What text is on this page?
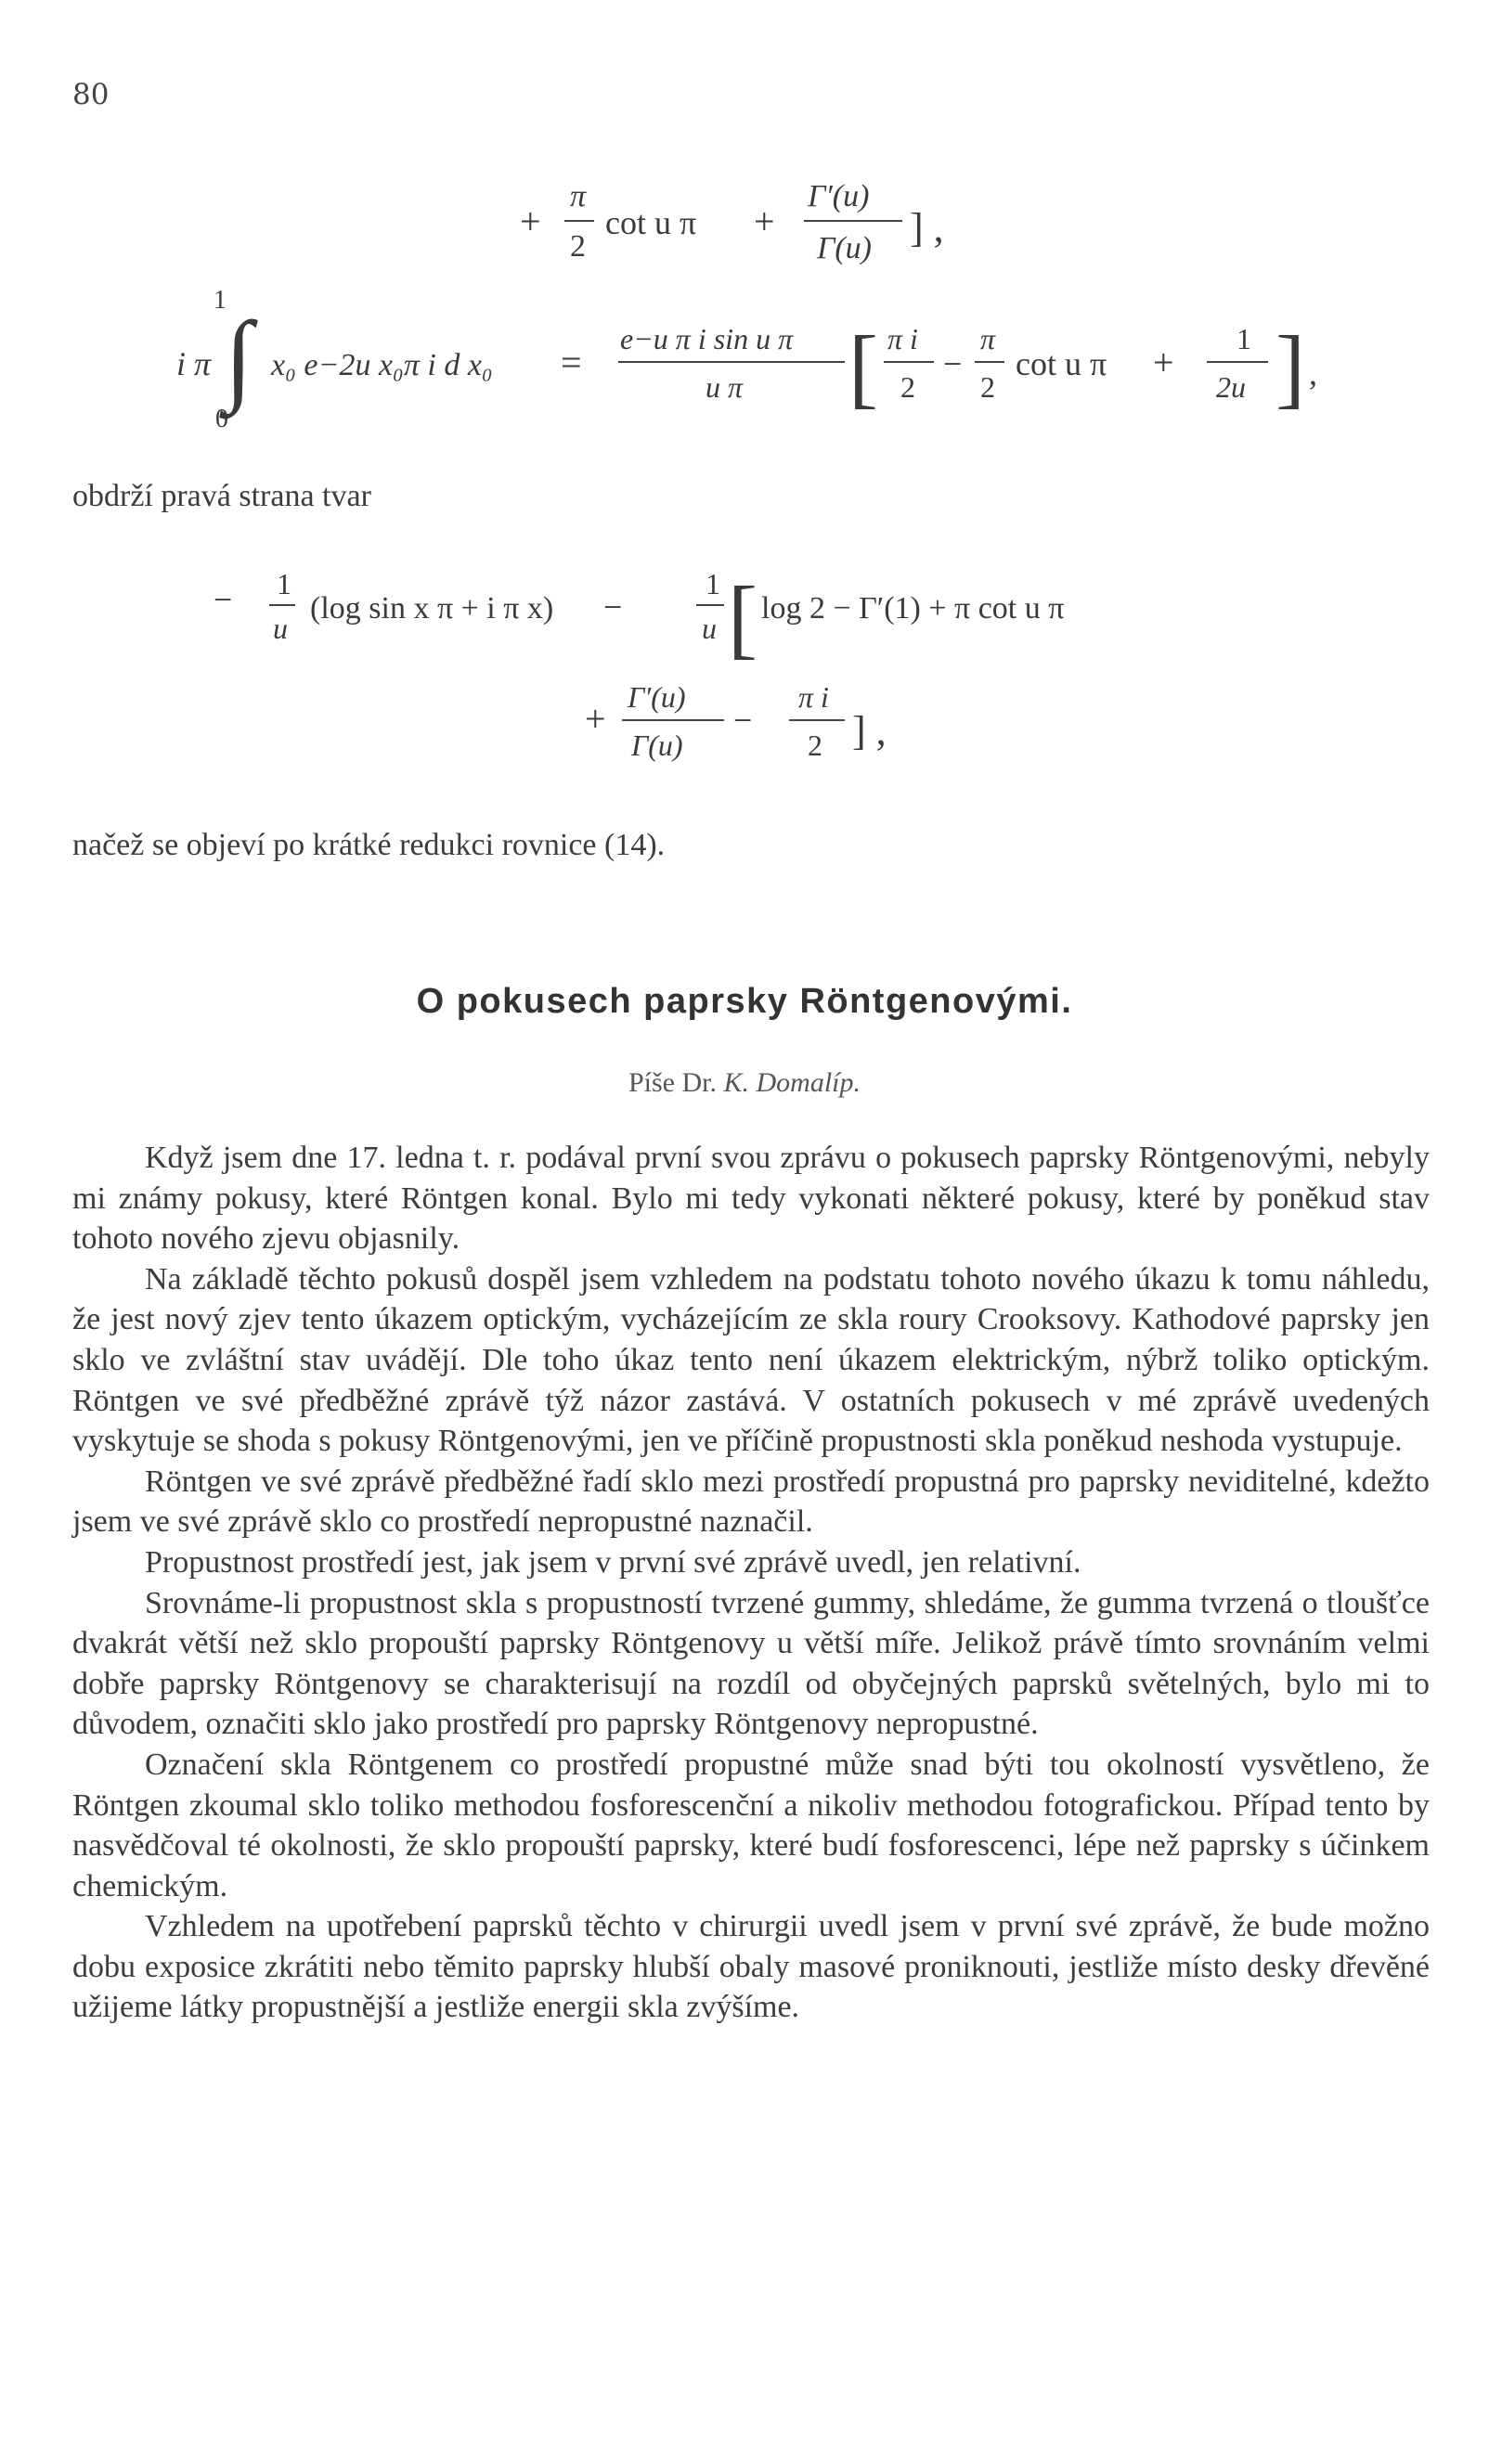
80
+
π
2
cot u π +
Γ′(u)
Γ(u) ] ,
i π
1
∫
0
x₀ e−2u x₀π i d x₀ =
e−u π i sin u π
u π [ π i
2
−
π
2
cot u π +
1
2u ] ,
obdrží pravá strana tvar
− 1
u
(log sin x π + i π x) −
1
u [ log 2 − Γ′(1) + π cot u π
+
Γ′(u)
Γ(u)
−
π i
2 ] ,
načež se objeví po krátké redukci rovnice (14).
O pokusech paprsky Röntgenovými.
Píše Dr. K. Domalíp.

Když jsem dne 17. ledna t. r. podával první svou zprávu o pokusech paprsky Röntgenovými, nebyly mi známy pokusy, které Röntgen konal. Bylo mi tedy vykonati některé pokusy, které by poněkud stav tohoto nového zjevu objasnily.

Na základě těchto pokusů dospěl jsem vzhledem na podstatu tohoto nového úkazu k tomu náhledu, že jest nový zjev tento úkazem optickým, vycházejícím ze skla roury Crooksovy. Kathodové paprsky jen sklo ve zvláštní stav uvádějí. Dle toho úkaz tento není úkazem elektrickým, nýbrž toliko optickým. Röntgen ve své předběžné zprávě týž názor zastává. V ostatních pokusech v mé zprávě uvedených vyskytuje se shoda s pokusy Röntgenovými, jen ve příčině propustnosti skla poněkud neshoda vystupuje.

Röntgen ve své zprávě předběžné řadí sklo mezi prostředí propustná pro paprsky neviditelné, kdežto jsem ve své zprávě sklo co prostředí nepropustné naznačil.

Propustnost prostředí jest, jak jsem v první své zprávě uvedl, jen relativní.

Srovnáme-li propustnost skla s propustností tvrzené gummy, shledáme, že gumma tvrzená o tloušťce dvakrát větší než sklo propouští paprsky Röntgenovy u větší míře. Jelikož právě tímto srovnáním velmi dobře paprsky Röntgenovy se charakterisují na rozdíl od obyčejných paprsků světelných, bylo mi to důvodem, označiti sklo jako prostředí pro paprsky Röntgenovy nepropustné.

Označení skla Röntgenem co prostředí propustné může snad býti tou okolností vysvětleno, že Röntgen zkoumal sklo toliko methodou fosforescenční a nikoliv methodou fotografickou. Případ tento by nasvědčoval té okolnosti, že sklo propouští paprsky, které budí fosforescenci, lépe než paprsky s účinkem chemickým.

Vzhledem na upotřebení paprsků těchto v chirurgii uvedl jsem v první své zprávě, že bude možno dobu exposice zkrátiti nebo těmito paprsky hlubší obaly masové proniknouti, jestliže místo desky dřevěné užijeme látky propustnější a jestliže energii skla zvýšíme.
